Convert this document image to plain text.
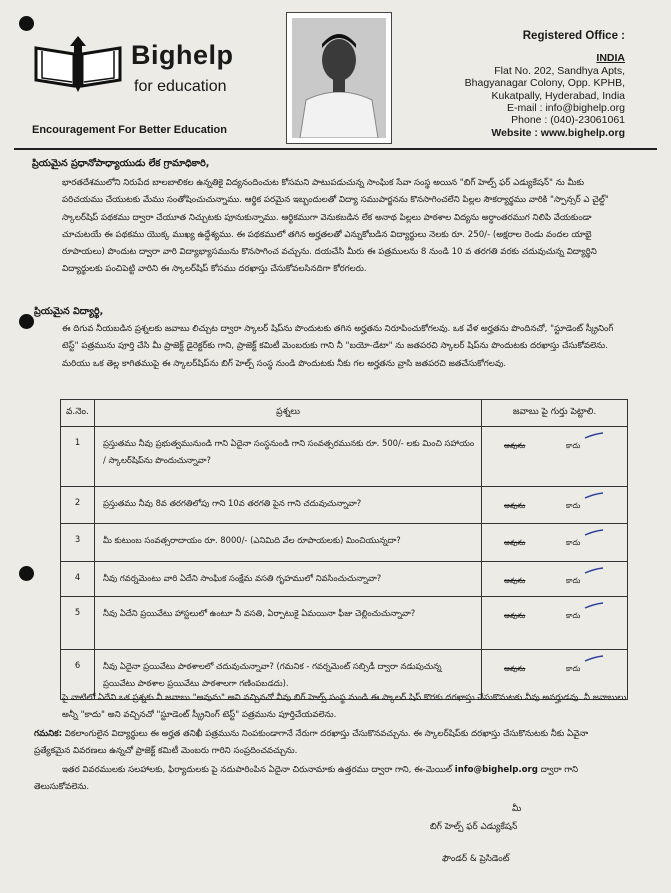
Bighelp
for education
Encouragement For Better Education
Registered Office :
INDIA
Flat No. 202, Sandhya Apts,
Bhagyanagar Colony, Opp. KPHB,
Kukatpally, Hyderabad, India
E-mail : info@bighelp.org
Phone : (040)-23061061
Website : www.bighelp.org
ప్రియమైన ప్రధానోపాధ్యాయుడు లేక గ్రామాధికారి,
భారతదేశములోని నిరుపేద బాలబాలికల ఉన్నతికై విద్యనందించుట కోసమని పాటుపడుచున్న సాంఘిక సేవా సంస్థ అయిన "బిగ్ హెల్ప్ ఫర్ ఎడ్యుకేషన్" ను మీకు పరిచయము చేయుటకు మేము సంతోషించుచున్నాము. ఆర్థిక పరమైన ఇబ్బందులతో విద్యా సముపార్జనను కొనసాగించలేని పిల్లల సౌకర్యార్థము వారికి "స్పాన్సర్ ఎ చైల్డ్" స్కాలర్‌షిప్ పథకము ద్వారా చేయూత నిచ్చుటకు పూనుకున్నాము. ఆర్థికముగా వెనుకబడిన లేక అనాథ పిల్లలు పాఠశాల విద్యను అర్ధాంతరముగ నిలిపి వేయకుండా చూచుటయే ఈ పథకము యొక్క ముఖ్య ఉద్దేశ్యము. ఈ పథకములో తగిన అర్హతలతో ఎన్నుకోబడిన విద్యార్థులు నెలకు రూ. 250/- (అక్షరాల రెండు వందల యాభై రూపాయలు) పొందుట ద్వారా వారి విద్యాభ్యాసమును కొనసాగించ వచ్చును. దయచేసి మీరు ఈ పత్రములను 8 నుండి 10 వ తరగతి వరకు చదువుచున్న విద్యార్థిని విద్యార్థులకు పంచిపెట్టి వారిని ఈ స్కాలర్‌షిప్ కోసము దరఖాస్తు చేసుకోవలసినదిగా కోరగలరు.
ప్రియమైన విద్యార్థి,
ఈ దిగువ నీయబడిన ప్రశ్నలకు జవాబు లిచ్చుట ద్వారా స్కాలర్ షిప్‌ను పొందుటకు తగిన అర్హతను నిరూపించుకోగలవు. ఒక వేళ అర్హతను పొందినచో, "స్టూడెంట్ స్క్రీనింగ్ టెస్ట్" పత్రమును పూర్తి చేసి మీ ప్రాజెక్ట్ డైరెక్టర్‌కు గాని, ప్రాజెక్ట్ కమిటీ మెంబరుకు గాని నీ "బయో-డేటా" ను జతపరచి స్కాలర్ షిప్‌ను పొందుటకు దరఖాస్తు చేసుకోవలెను. మరియు ఒక తెల్ల కాగితముపై ఈ స్కాలర్‌షిప్‌ను బిగ్ హెల్ప్ సంస్థ నుండి పొందుటకు నీకు గల అర్హతను వ్రాసి జతపరచి జతచేసుకోగలవు.
వ.నెం.	ప్రశ్నలు	జవాబు పై గుర్తు పెట్టాలి.
1	ప్రస్తుతము నీవు ప్రభుత్వమునుండి గాని ఏదైనా సంస్థనుండి గాని సంవత్సరమునకు రూ. 500/- లకు మించి సహాయం / స్కాలర్‌షిప్‌ను పొందుచున్నావా?	అవును కాదు

2	ప్రస్తుతము నీవు 8వ తరగతిలోపు గాని 10వ తరగతి పైన గాని చదువుచున్నావా?	అవును కాదు

3	మీ కుటుంబ సంవత్సరాదాయం రూ. 8000/- (ఎనిమిది వేల రూపాయలకు) మించియున్నదా?	అవును కాదు

4	నీవు గవర్నమెంటు వారి ఏదేని సాంఘిక సంక్షేమ వసతి గృహములో నివసించుచున్నావా?	అవును కాదు

5	నీవు ఏదేని ప్రయివేటు హాస్టలులో ఉంటూ నీ వసతి, ఏర్పాటుకై ఏమయినా ఫీజు చెల్లించుచున్నావా?	అవును కాదు

6	నీవు ఏదైనా ప్రయివేటు పాఠశాలలో చదువుచున్నావా? (గమనిక - గవర్నమెంట్ సబ్సిడీ ద్వారా నడుపుచున్న ప్రయివేటు పాఠశాల ప్రయివేటు పాఠశాలగా గణింపబడదు).	అవును కాదు
పై వాటిలో ఏదేని ఒక ప్రశ్నకు నీ జవాబు "అవును" అని వచ్చినచో నీవు బిగ్ హెల్ప్ సంస్థ నుండి ఈ స్కాలర్ షిప్ కొరకు దరఖాస్తు చేసుకొనుటకు నీవు అనర్హుడవు. నీ జవాబులు అన్నీ "కాదు" అని వచ్చినచో "స్టూడెంట్ స్క్రీనింగ్ టెస్ట్" పత్రమును పూర్తిచేయవలెను.
గమనిక: వికలాంగులైన విద్యార్థులు ఈ అర్హత తనిఖీ పత్రమును నింపకుండాగానే నేరుగా దరఖాస్తు చేసుకొనవచ్చును. ఈ స్కాలర్‌షిప్‌కు దరఖాస్తు చేసుకొనుటకు నీకు ఏవైనా ప్రత్యేకమైన వివరణలు ఉన్నచో ప్రాజెక్ట్ కమిటీ మెంబరు గారిని సంప్రదించవచ్చును.
ఇతర వివరములకు సలహాలకు, ఫిర్యాదులకు పై నదుపారింపిన ఏదైనా చిరునామాకు ఉత్తరము ద్వారా గాని, ఈ-మెయిల్ info@bighelp.org ద్వారా గాని తెలుసుకోవలెను.
మీ
బిగ్ హెల్ప్ ఫర్ ఎడ్యుకేషన్
ఫౌండర్ & ప్రెసిడెంట్
